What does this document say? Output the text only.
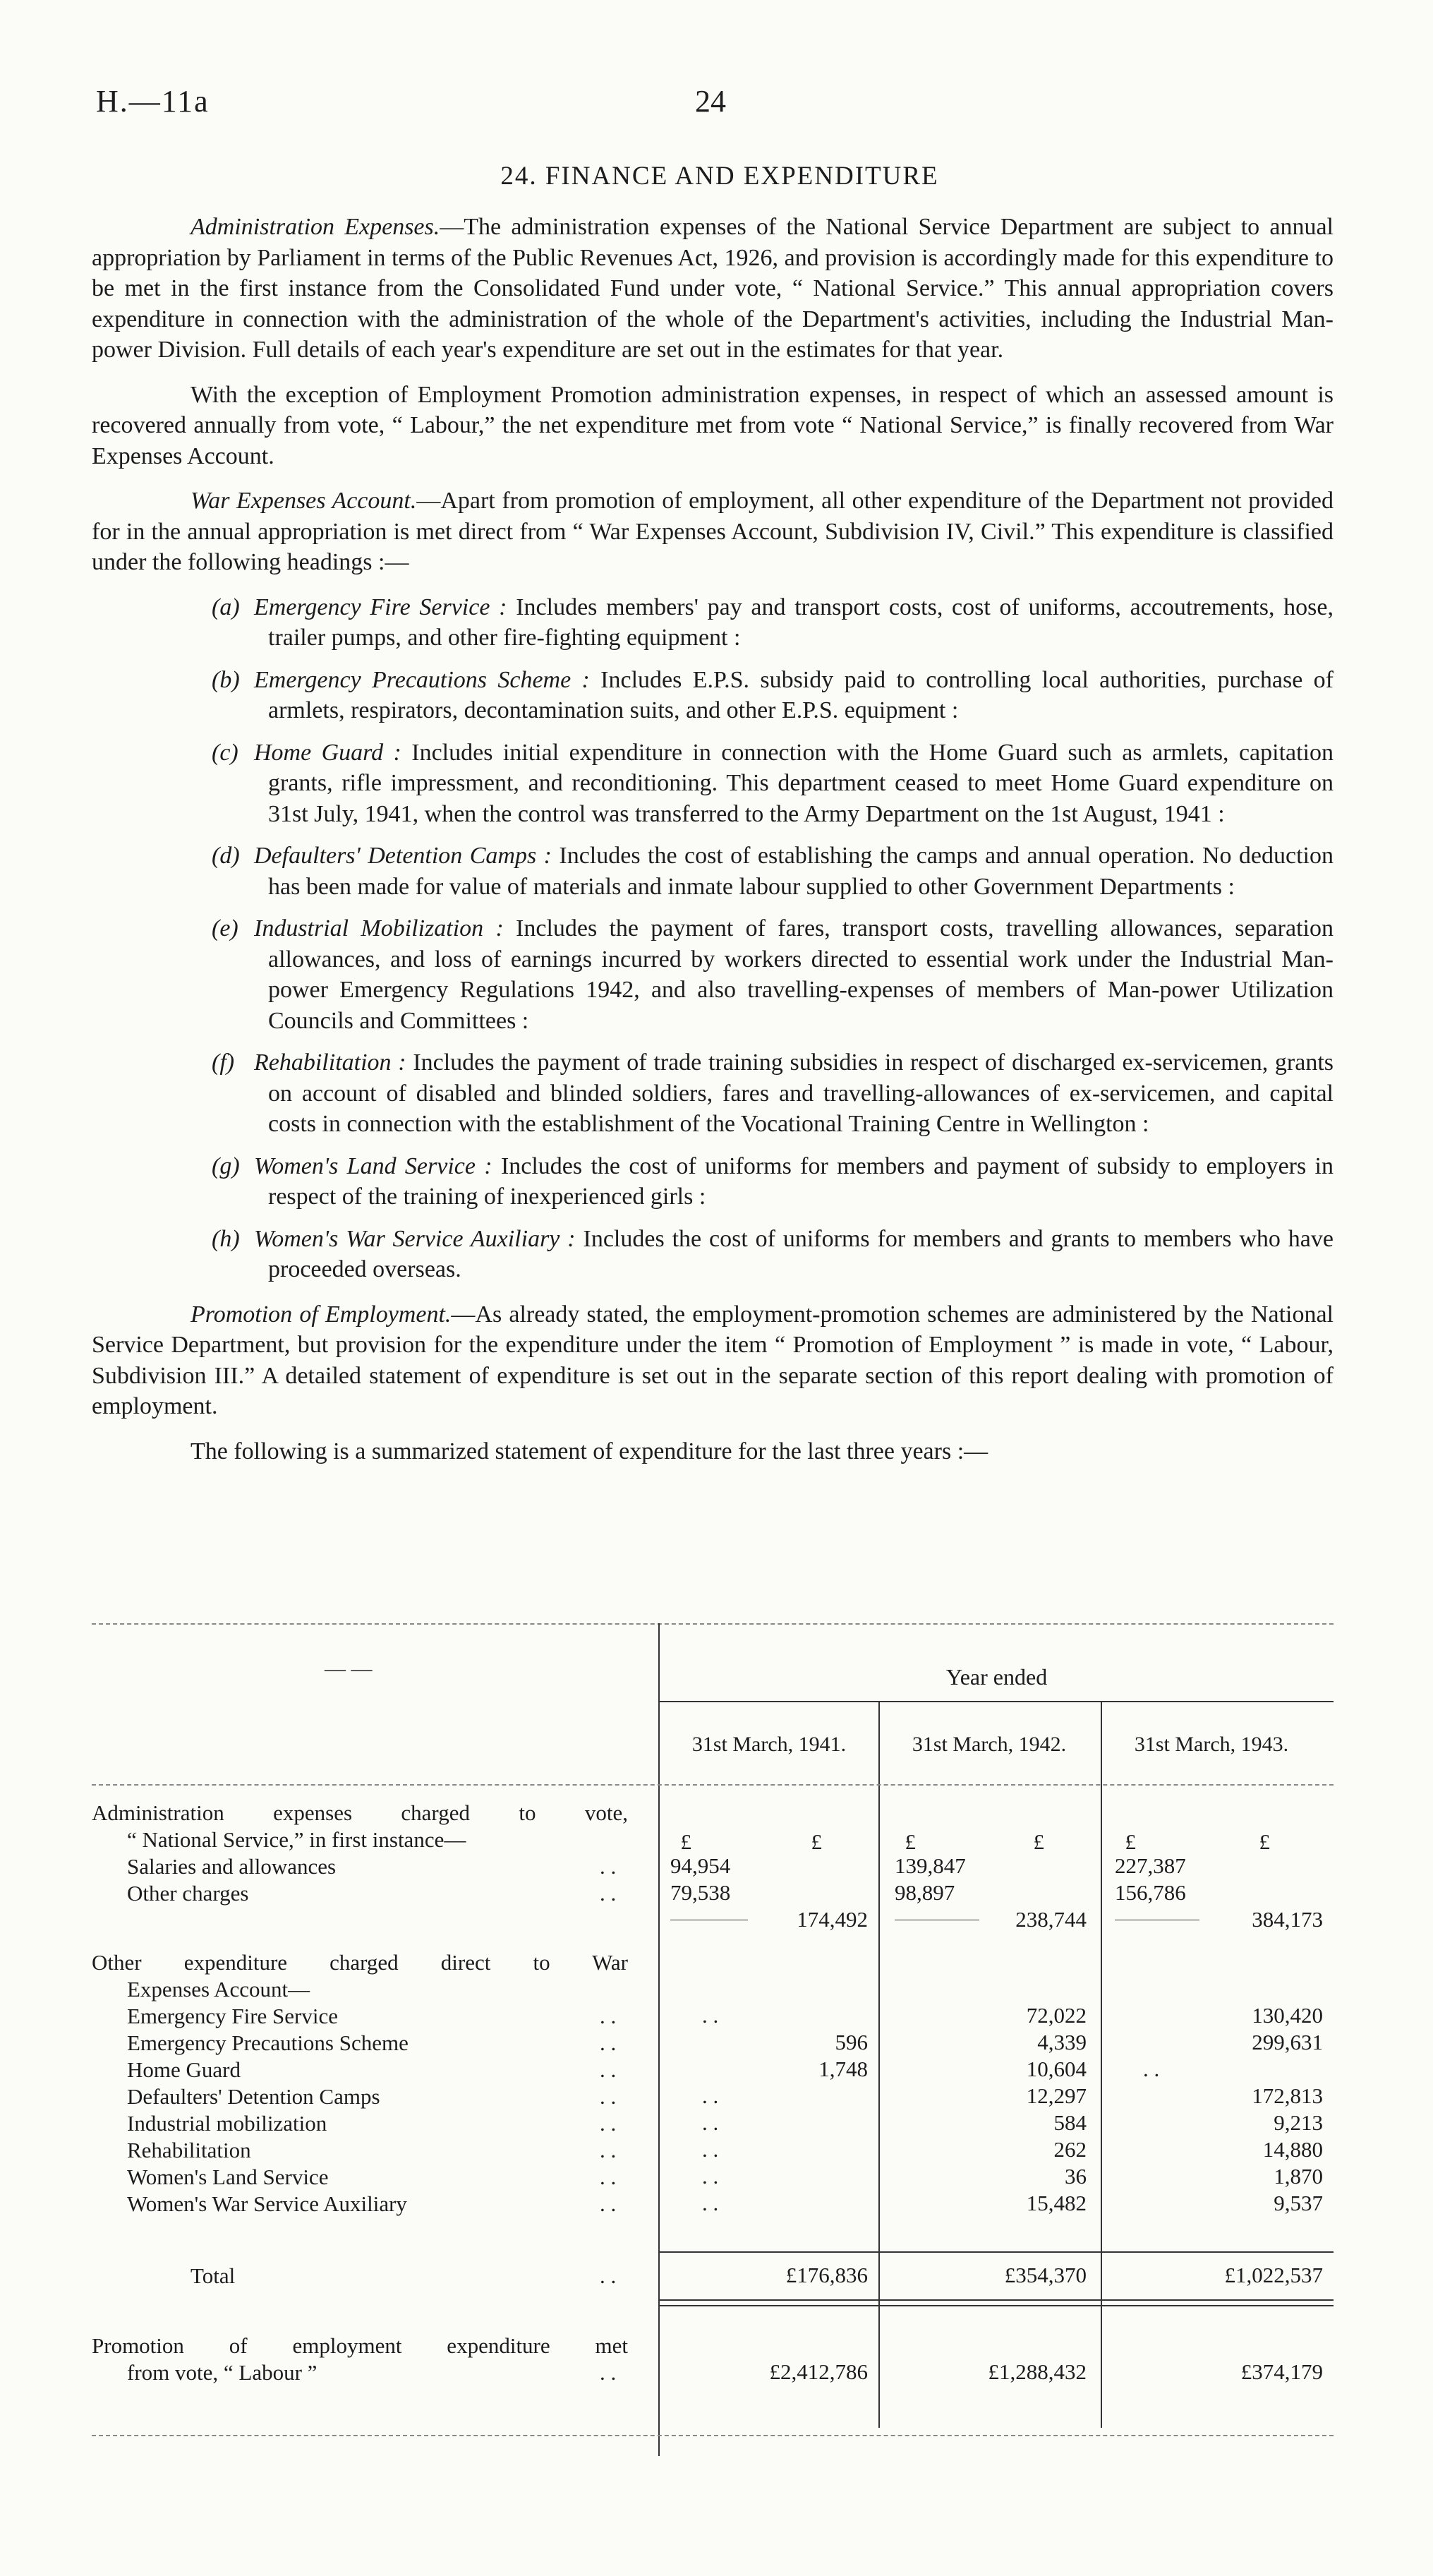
H.—11a	24
24. FINANCE AND EXPENDITURE

Administration Expenses.—The administration expenses of the National Service Department are subject to annual appropriation by Parliament in terms of the Public Revenues Act, 1926, and provision is accordingly made for this expenditure to be met in the first instance from the Consolidated Fund under vote, “ National Service.” This annual appropriation covers expenditure in connection with the administration of the whole of the Department's activities, including the Industrial Man-power Division. Full details of each year's expenditure are set out in the estimates for that year.

With the exception of Employment Promotion administration expenses, in respect of which an assessed amount is recovered annually from vote, “ Labour,” the net expenditure met from vote “ National Service,” is finally recovered from War Expenses Account.

War Expenses Account.—Apart from promotion of employment, all other expenditure of the Department not provided for in the annual appropriation is met direct from “ War Expenses Account, Subdivision IV, Civil.” This expenditure is classified under the following headings :—

(a) Emergency Fire Service : Includes members' pay and transport costs, cost of uniforms, accoutrements, hose, trailer pumps, and other fire-fighting equipment :
(b) Emergency Precautions Scheme : Includes E.P.S. subsidy paid to controlling local authorities, purchase of armlets, respirators, decontamination suits, and other E.P.S. equipment :
(c) Home Guard : Includes initial expenditure in connection with the Home Guard such as armlets, capitation grants, rifle impressment, and reconditioning. This department ceased to meet Home Guard expenditure on 31st July, 1941, when the control was transferred to the Army Department on the 1st August, 1941 :
(d) Defaulters' Detention Camps : Includes the cost of establishing the camps and annual operation. No deduction has been made for value of materials and inmate labour supplied to other Government Departments :
(e) Industrial Mobilization : Includes the payment of fares, transport costs, travelling allowances, separation allowances, and loss of earnings incurred by workers directed to essential work under the Industrial Man-power Emergency Regulations 1942, and also travelling-expenses of members of Man-power Utilization Councils and Committees :
(f) Rehabilitation : Includes the payment of trade training subsidies in respect of discharged ex-servicemen, grants on account of disabled and blinded soldiers, fares and travelling-allowances of ex-servicemen, and capital costs in connection with the establishment of the Vocational Training Centre in Wellington :
(g) Women's Land Service : Includes the cost of uniforms for members and payment of subsidy to employers in respect of the training of inexperienced girls :
(h) Women's War Service Auxiliary : Includes the cost of uniforms for members and grants to members who have proceeded overseas.

Promotion of Employment.—As already stated, the employment-promotion schemes are administered by the National Service Department, but provision for the expenditure under the item “ Promotion of Employment ” is made in vote, “ Labour, Subdivision III.” A detailed statement of expenditure is set out in the separate section of this report dealing with promotion of employment.

The following is a summarized statement of expenditure for the last three years :—

Year ended
— —
31st March, 1941.	31st March, 1942.	31st March, 1943.
Administration expenses charged to vote,
“ National Service,” in first instance—	£	£	£	£	£	£
Salaries and allowances	. .	94,954	139,847	227,387
Other charges	. .	79,538	98,897	156,786
174,492	238,744	384,173
Other expenditure charged direct to War
Expenses Account—
Emergency Fire Service	. .	. .	72,022	130,420
Emergency Precautions Scheme	. .	596	4,339	299,631
Home Guard	. .	1,748	10,604	. .
Defaulters' Detention Camps	. .	. .	12,297	172,813
Industrial mobilization	. .	. .	584	9,213
Rehabilitation	. .	. .	262	14,880
Women's Land Service	. .	. .	36	1,870
Women's War Service Auxiliary	. .	. .	15,482	9,537
Total	. .	£176,836	£354,370	£1,022,537
Promotion of employment expenditure met
from vote, “ Labour ”	. .	£2,412,786	£1,288,432	£374,179
